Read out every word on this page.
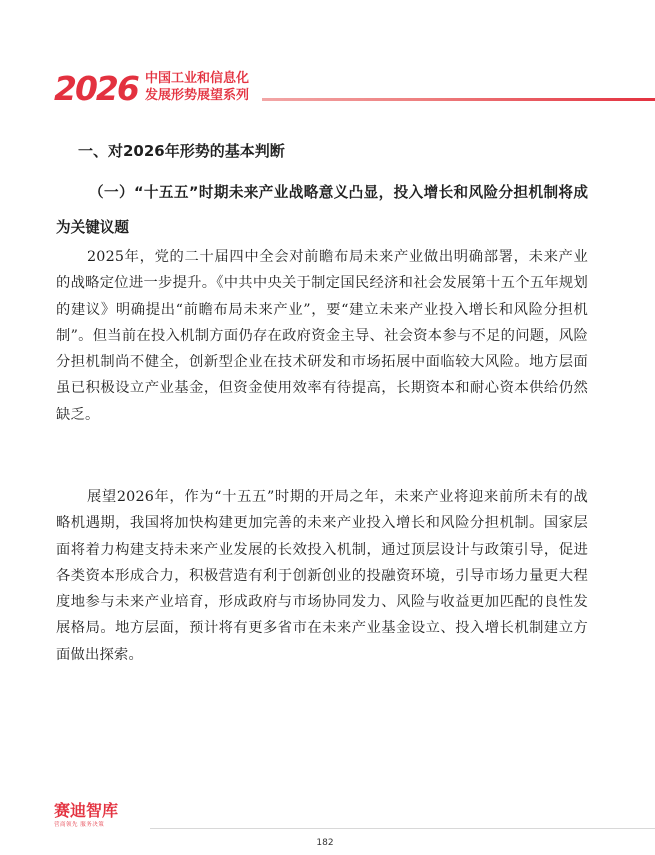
2026 中国工业和信息化
发展形势展望系列
一、对2026年形势的基本判断
（一）“十五五”时期未来产业战略意义凸显，投入增长和风险分担机制将成为关键议题

2025年，党的二十届四中全会对前瞻布局未来产业做出明确部署，未来产业的战略定位进一步提升。《中共中央关于制定国民经济和社会发展第十五个五年规划的建议》明确提出“前瞻布局未来产业”，要“建立未来产业投入增长和风险分担机制”。但当前在投入机制方面仍存在政府资金主导、社会资本参与不足的问题，风险分担机制尚不健全，创新型企业在技术研发和市场拓展中面临较大风险。地方层面虽已积极设立产业基金，但资金使用效率有待提高，长期资本和耐心资本供给仍然缺乏。

展望2026年，作为“十五五”时期的开局之年，未来产业将迎来前所未有的战略机遇期，我国将加快构建更加完善的未来产业投入增长和风险分担机制。国家层面将着力构建支持未来产业发展的长效投入机制，通过顶层设计与政策引导，促进各类资本形成合力，积极营造有利于创新创业的投融资环境，引导市场力量更大程度地参与未来产业培育，形成政府与市场协同发力、风险与收益更加匹配的良性发展格局。地方层面，预计将有更多省市在未来产业基金设立、投入增长机制建立方面做出探索。

赛迪智库
营商领先 服务决策
182
